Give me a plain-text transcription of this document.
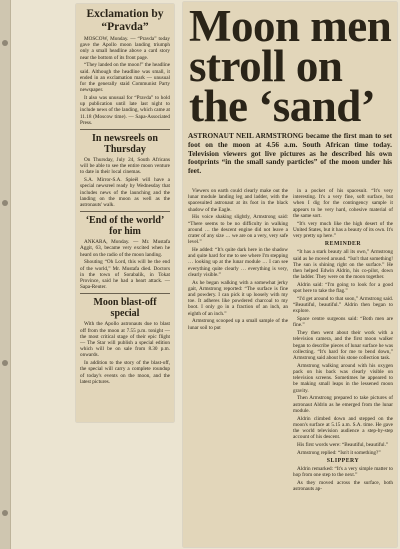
Exclamation by “Pravda”

MOSCOW, Monday. — “Pravda” today gave the Apollo moon landing triumph only a small headline above a card story near the bottom of its front page.

“They landed on the moon!” the headline said. Although the headline was small, it ended in an exclamation mark — unusual for the generally staid Communist Party newspaper.

It also was unusual for “Pravda” to hold up publication until late last night to include news of the landing, which came at 11.18 (Moscow time). — Sapa-Associated Press.

In newsreels on Thursday

On Thursday, July 24, South Africans will be able to see the entire moon venture to date in their local cinemas.

S.A. Mirror-S.A. Spieël will have a special newsreel ready by Wednesday that includes news of the launching and the landing on the moon as well as the astronauts' walk.

‘End of the world’ for him

ANKARA, Monday. — Mr. Mustafa Aggit, 63, became very excited when he heard on the radio of the moon landing.

Shouting “Oh Lord, this will be the end of the world,” Mr. Mustafa died. Doctors in the town of Sorabalik, in Tokat Province, said he had a heart attack. — Sapa-Reuter.

Moon blast-off special

With the Apollo astronauts due to blast off from the moon at 7.55 p.m. tonight — the most critical stage of their epic flight — The Star will publish a special edition which will be on sale from 8.30 p.m. onwards.

In addition to the story of the blast-off, the special will carry a complete roundup of today's events on the moon, and the latest pictures.

Moon men stroll on the ‘sand’
ASTRONAUT NEIL ARMSTRONG became the first man to set foot on the moon at 4.56 a.m. South African time today. Television viewers got live pictures as he described his own footprints “in the small sandy particles” of the moon under his feet.

Viewers on earth could clearly make out the lunar module landing leg and ladder, with the spacesuited astronaut at its foot in the black shadow of the Eagle.

His voice shaking slightly, Armstrong said: “There seems to be no difficulty in walking around … the descent engine did not leave a crater of any size … we are on a very, very safe level.”

He added: “It's quite dark here in the shadow and quite hard for me to see where I'm stepping … looking up at the lunar module … I can see everything quite clearly … everything is very, clearly visible.”

As he began walking with a somewhat jerky gait, Armstrong reported: “The surface is fine and powdery. I can pick it up loosely with my toe. It adheres like powdered charcoal to my boot. I only go in a fraction of an inch, an eighth of an inch.”

Armstrong scooped up a small sample of the lunar soil to put

in a pocket of his spacesuit. “It's very interesting. It's a very fine, soft surface, but when I dig for the contingency sample it appears to be very hard, cohesive material of the same sort.

“It's very much like the high desert of the United States, but it has a beauty of its own. It's very pretty up here.”

REMINDER

“It has a stark beauty all its own,” Armstrong said as he moved around. “Isn't that something! The sun is shining right on the surface.” He then helped Edwin Aldrin, his co-pilot, down the ladder. They were on the moon together.

Aldrin said: “I'm going to look for a good spot here to take the flag.”

“I'd get around to that soon,” Armstrong said. “Beautiful, beautiful.” Aldrin then began to explore.

Space centre surgeons said: “Both men are fine.”

They then went about their work with a television camera, and the first moon walker began to describe pieces of lunar surface he was collecting. “It's hard for me to bend down,” Armstrong said about his stone collection task.

Armstrong walking around with his oxygen pack on his back was clearly visible on television screens. Sometimes he appeared to be making small leaps in the lessened moon gravity.

Then Armstrong prepared to take pictures of astronaut Aldrin as he emerged from the lunar module.

Aldrin climbed down and stepped on the moon's surface at 5.15 a.m. S.A. time. He gave the world television audience a step-by-step account of his descent.

His first words were: “Beautiful, beautiful.”

Armstrong replied: “Isn't it something?”

SLIPPERY

Aldrin remarked: “It's a very simple matter to hop from one step to the next.”

As they moved across the surface, both astronauts ap-
